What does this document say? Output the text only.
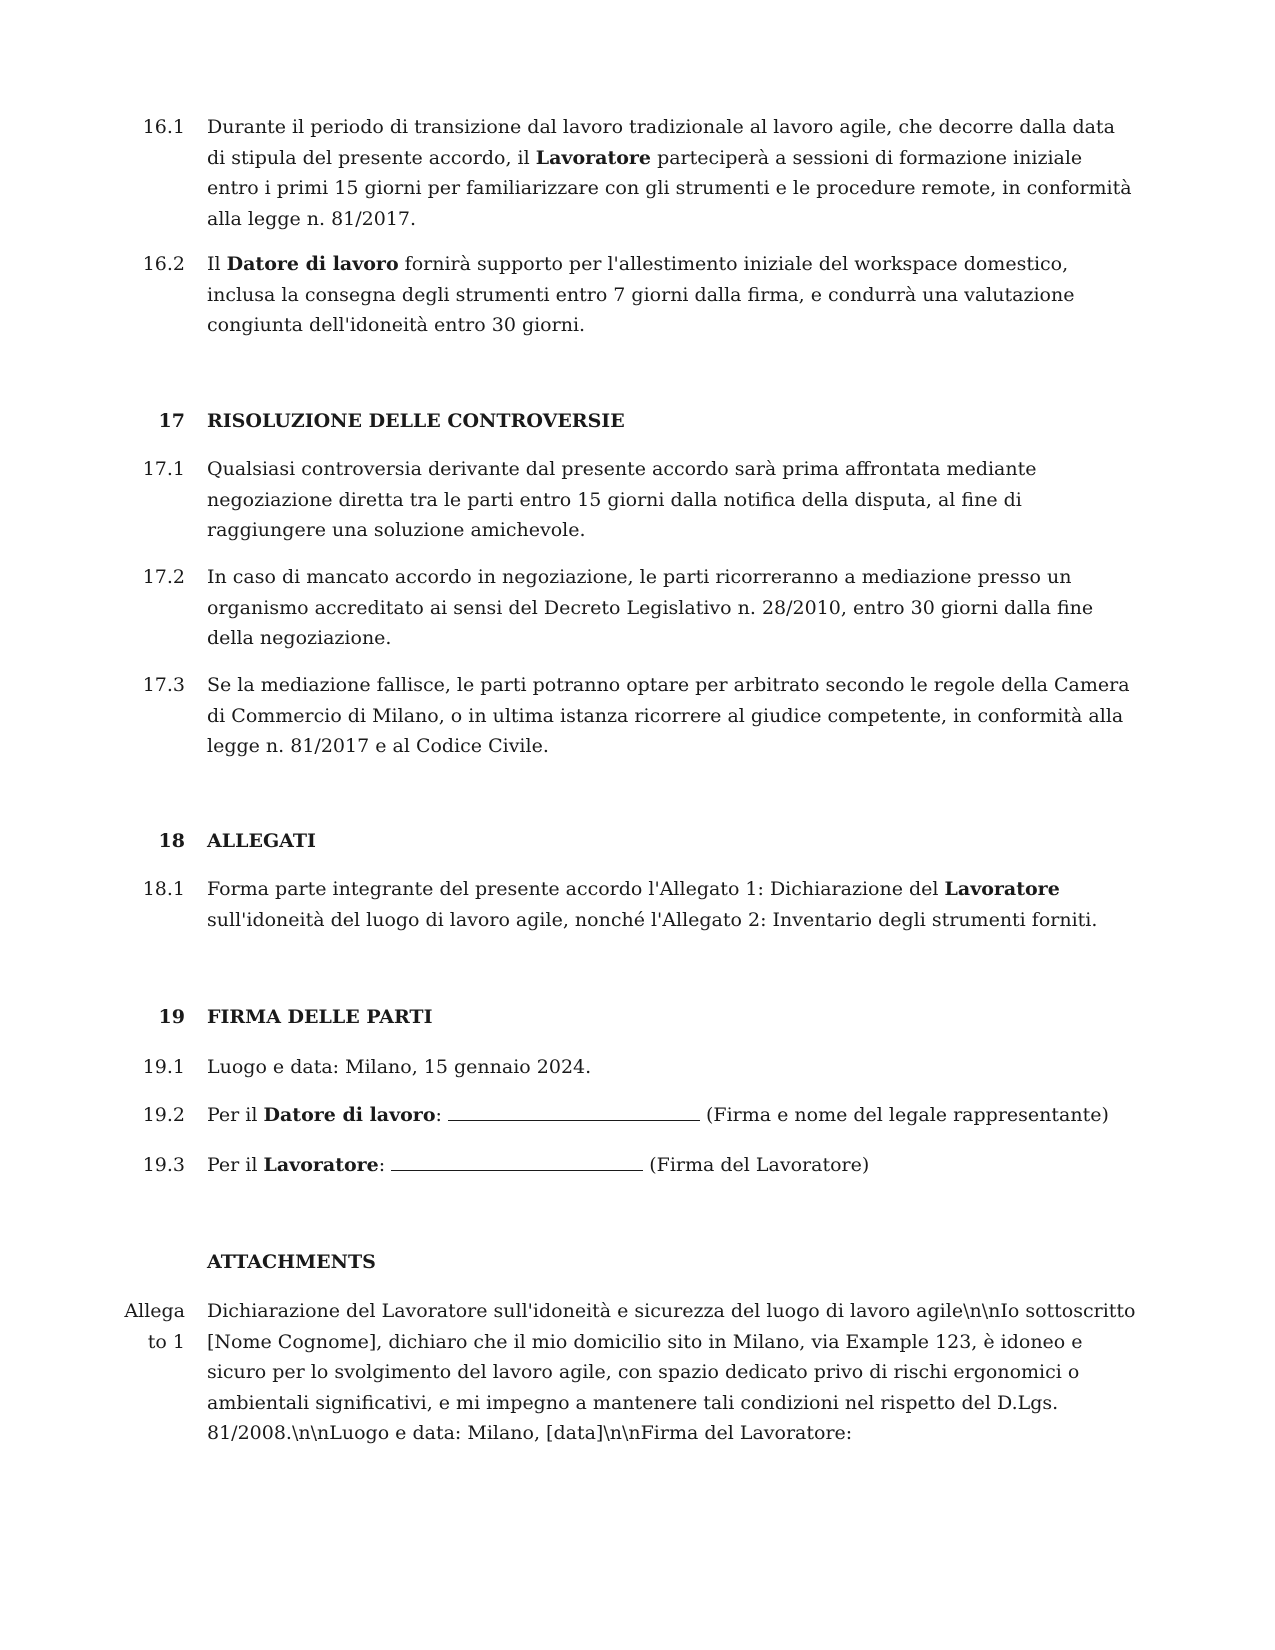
16.1 Durante il periodo di transizione dal lavoro tradizionale al lavoro agile, che decorre dalla data di stipula del presente accordo, il Lavoratore parteciperà a sessioni di formazione iniziale entro i primi 15 giorni per familiarizzare con gli strumenti e le procedure remote, in conformità alla legge n. 81/2017.
16.2 Il Datore di lavoro fornirà supporto per l'allestimento iniziale del workspace domestico, inclusa la consegna degli strumenti entro 7 giorni dalla firma, e condurrà una valutazione congiunta dell'idoneità entro 30 giorni.
17 RISOLUZIONE DELLE CONTROVERSIE
17.1 Qualsiasi controversia derivante dal presente accordo sarà prima affrontata mediante negoziazione diretta tra le parti entro 15 giorni dalla notifica della disputa, al fine di raggiungere una soluzione amichevole.
17.2 In caso di mancato accordo in negoziazione, le parti ricorreranno a mediazione presso un organismo accreditato ai sensi del Decreto Legislativo n. 28/2010, entro 30 giorni dalla fine della negoziazione.
17.3 Se la mediazione fallisce, le parti potranno optare per arbitrato secondo le regole della Camera di Commercio di Milano, o in ultima istanza ricorrere al giudice competente, in conformità alla legge n. 81/2017 e al Codice Civile.
18 ALLEGATI
18.1 Forma parte integrante del presente accordo l'Allegato 1: Dichiarazione del Lavoratore sull'idoneità del luogo di lavoro agile, nonché l'Allegato 2: Inventario degli strumenti forniti.
19 FIRMA DELLE PARTI
19.1 Luogo e data: Milano, 15 gennaio 2024.
19.2 Per il Datore di lavoro:	(Firma e nome del legale rappresentante)
19.3 Per il Lavoratore:	(Firma del Lavoratore)
ATTACHMENTS
Allega
to 1
Dichiarazione del Lavoratore sull'idoneità e sicurezza del luogo di lavoro agile\n\nIo sottoscritto [Nome Cognome], dichiaro che il mio domicilio sito in Milano, via Example 123, è idoneo e sicuro per lo svolgimento del lavoro agile, con spazio dedicato privo di rischi ergonomici o ambientali significativi, e mi impegno a mantenere tali condizioni nel rispetto del D.Lgs. 81/2008.\n\nLuogo e data: Milano, [data]\n\nFirma del Lavoratore:
